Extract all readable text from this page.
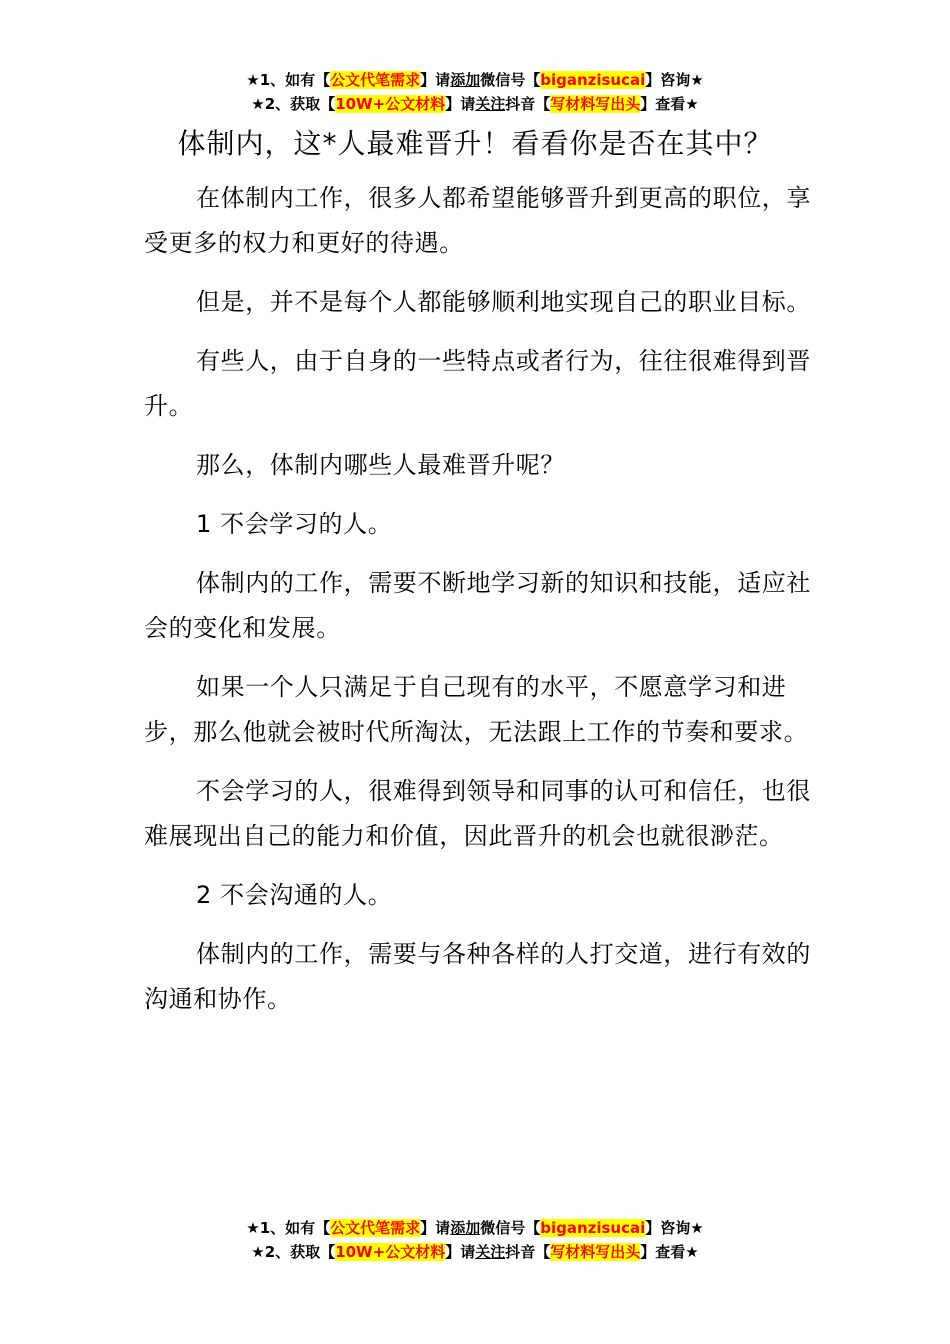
★1、如有【公文代笔需求】请添加微信号【biganzisucai】咨询★
★2、获取【10W+公文材料】请关注抖音【写材料写出头】查看★
体制内，这*人最难晋升！看看你是否在其中？

在体制内工作，很多人都希望能够晋升到更高的职位，享受更多的权力和更好的待遇。

但是，并不是每个人都能够顺利地实现自己的职业目标。

有些人，由于自身的一些特点或者行为，往往很难得到晋升。

那么，体制内哪些人最难晋升呢？

1 不会学习的人。

体制内的工作，需要不断地学习新的知识和技能，适应社会的变化和发展。

如果一个人只满足于自己现有的水平，不愿意学习和进步，那么他就会被时代所淘汰，无法跟上工作的节奏和要求。

不会学习的人，很难得到领导和同事的认可和信任，也很难展现出自己的能力和价值，因此晋升的机会也就很渺茫。

2 不会沟通的人。

体制内的工作，需要与各种各样的人打交道，进行有效的沟通和协作。

★1、如有【公文代笔需求】请添加微信号【biganzisucai】咨询★
★2、获取【10W+公文材料】请关注抖音【写材料写出头】查看★
